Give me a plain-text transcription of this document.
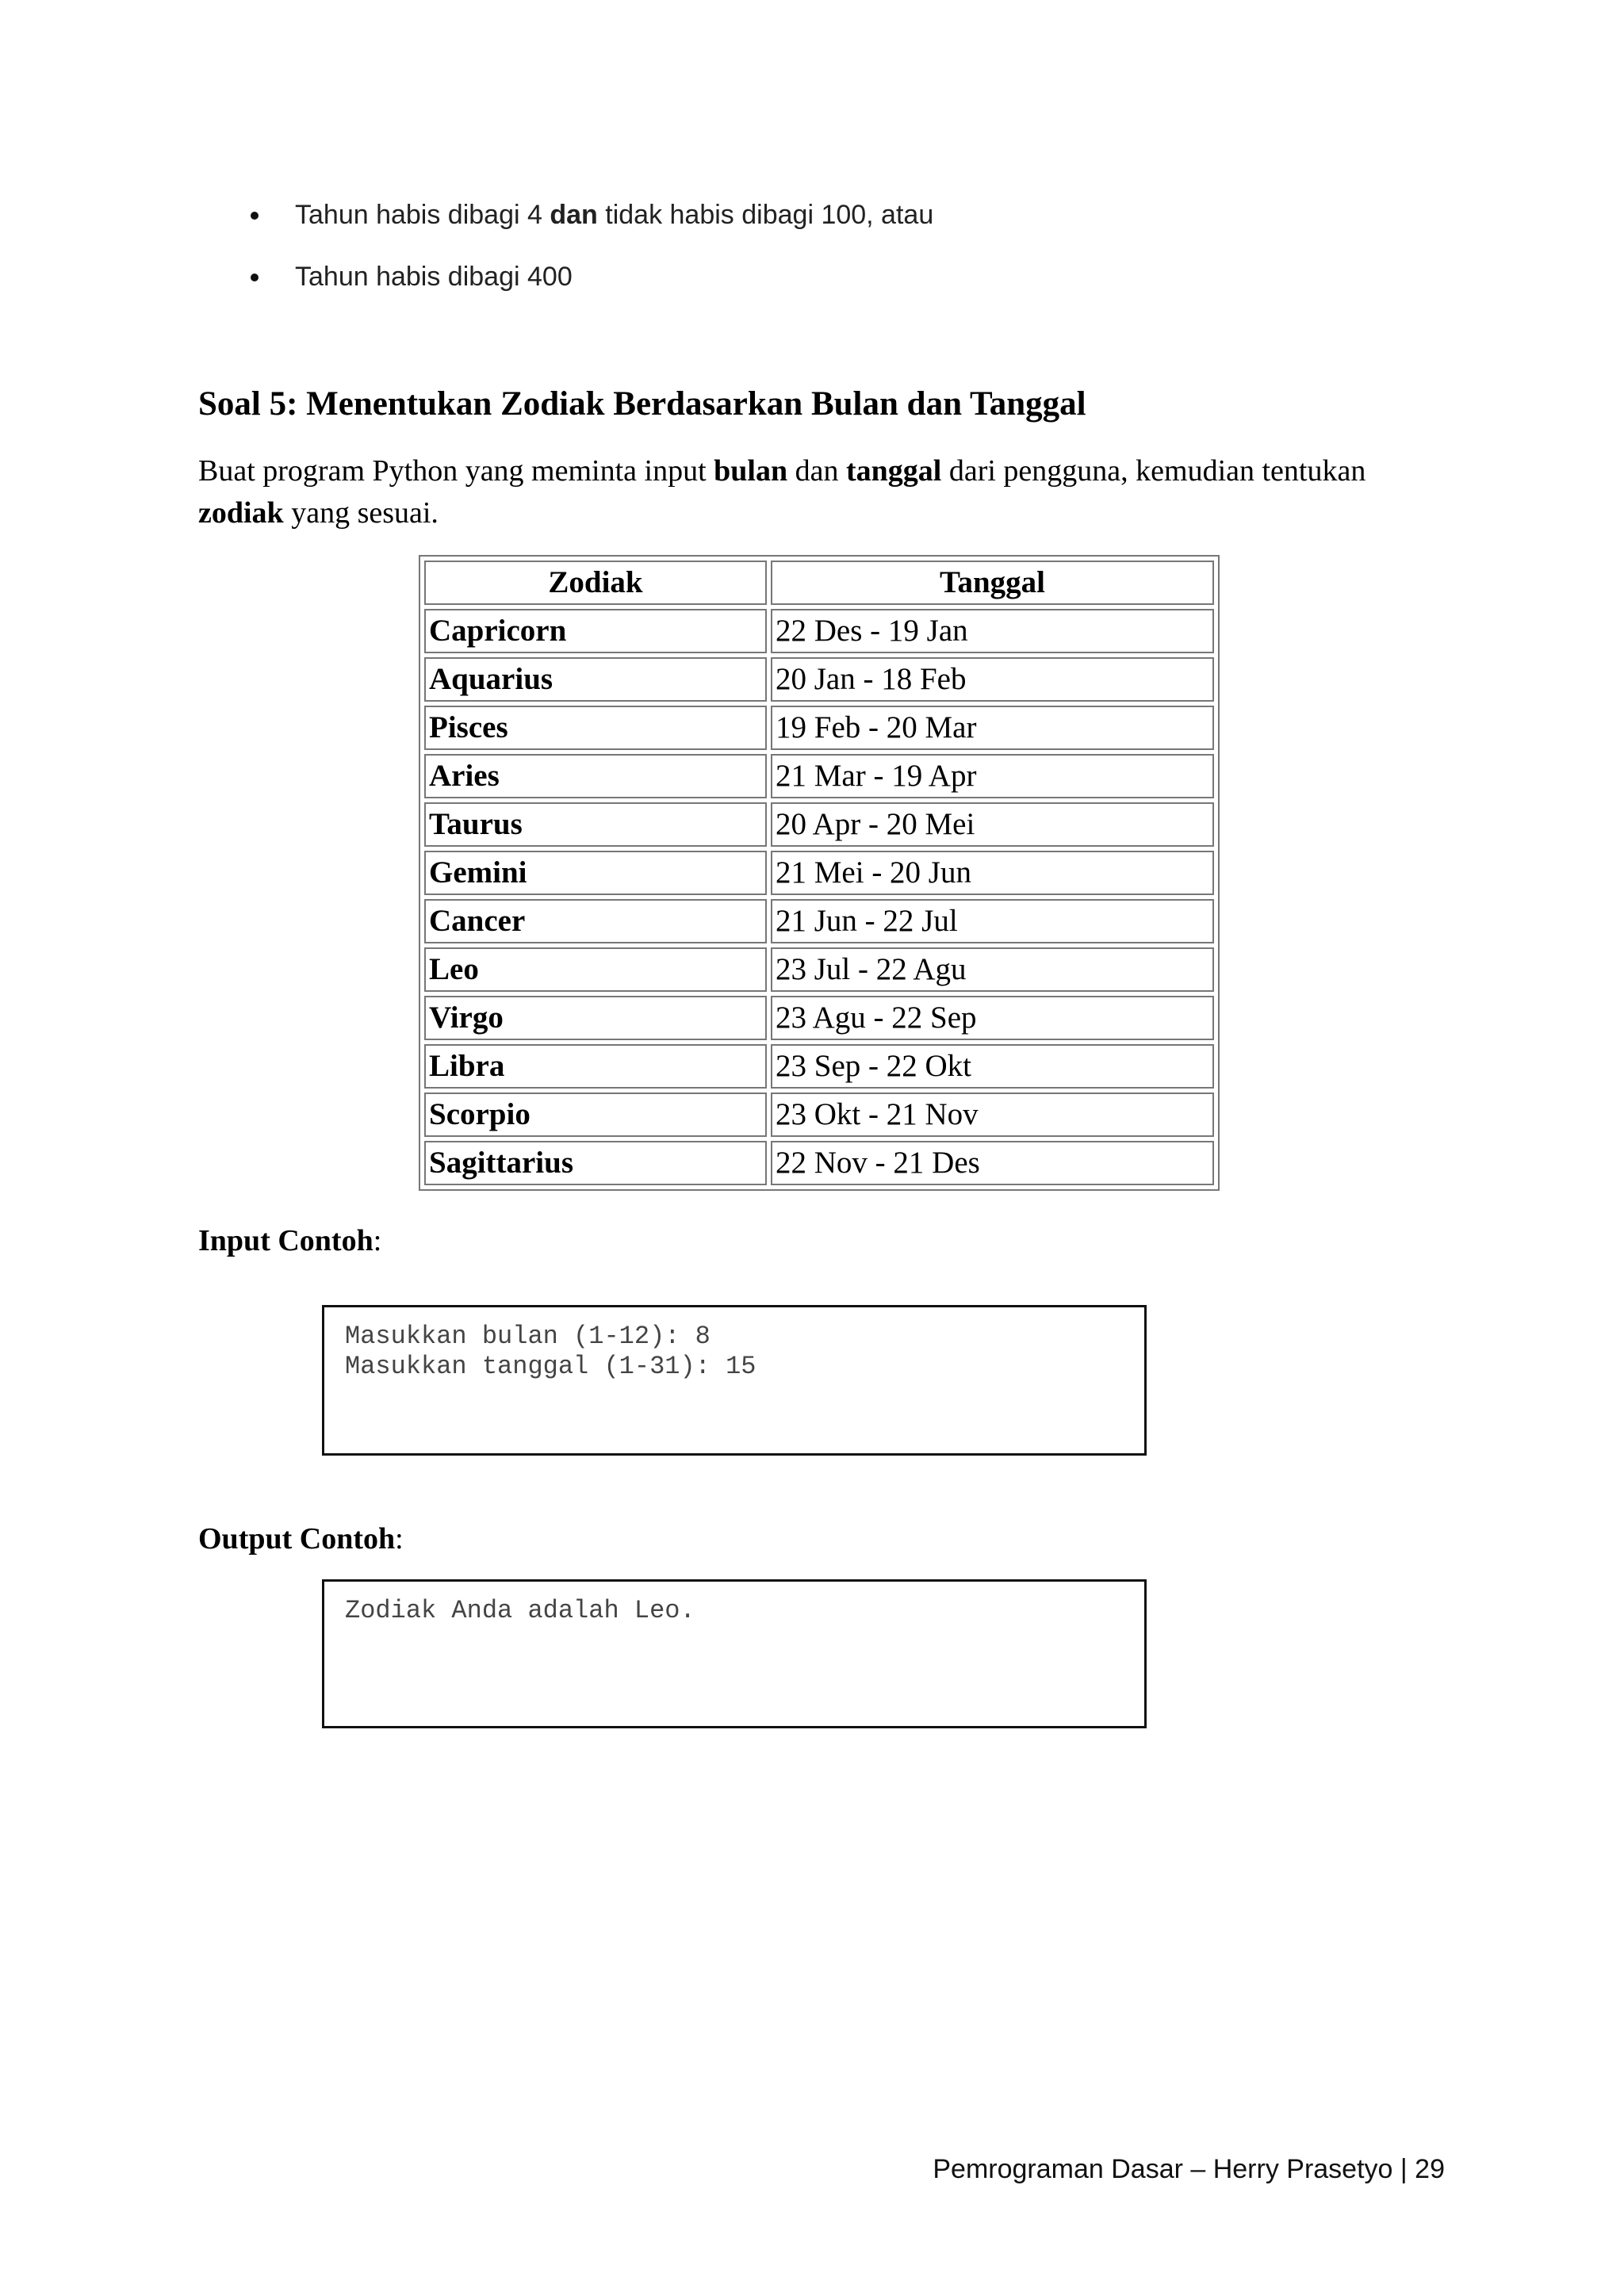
Tahun habis dibagi 4 dan tidak habis dibagi 100, atau
Tahun habis dibagi 400
Soal 5: Menentukan Zodiak Berdasarkan Bulan dan Tanggal
Buat program Python yang meminta input bulan dan tanggal dari pengguna, kemudian tentukan zodiak yang sesuai.
Zodiak	Tanggal
Capricorn	22 Des - 19 Jan
Aquarius	20 Jan - 18 Feb
Pisces	19 Feb - 20 Mar
Aries	21 Mar - 19 Apr
Taurus	20 Apr - 20 Mei
Gemini	21 Mei - 20 Jun
Cancer	21 Jun - 22 Jul
Leo	23 Jul - 22 Agu
Virgo	23 Agu - 22 Sep
Libra	23 Sep - 22 Okt
Scorpio	23 Okt - 21 Nov
Sagittarius	22 Nov - 21 Des
Input Contoh:
Masukkan bulan (1-12): 8
Masukkan tanggal (1-31): 15
Output Contoh:
Zodiak Anda adalah Leo.
Pemrograman Dasar – Herry Prasetyo | 29
